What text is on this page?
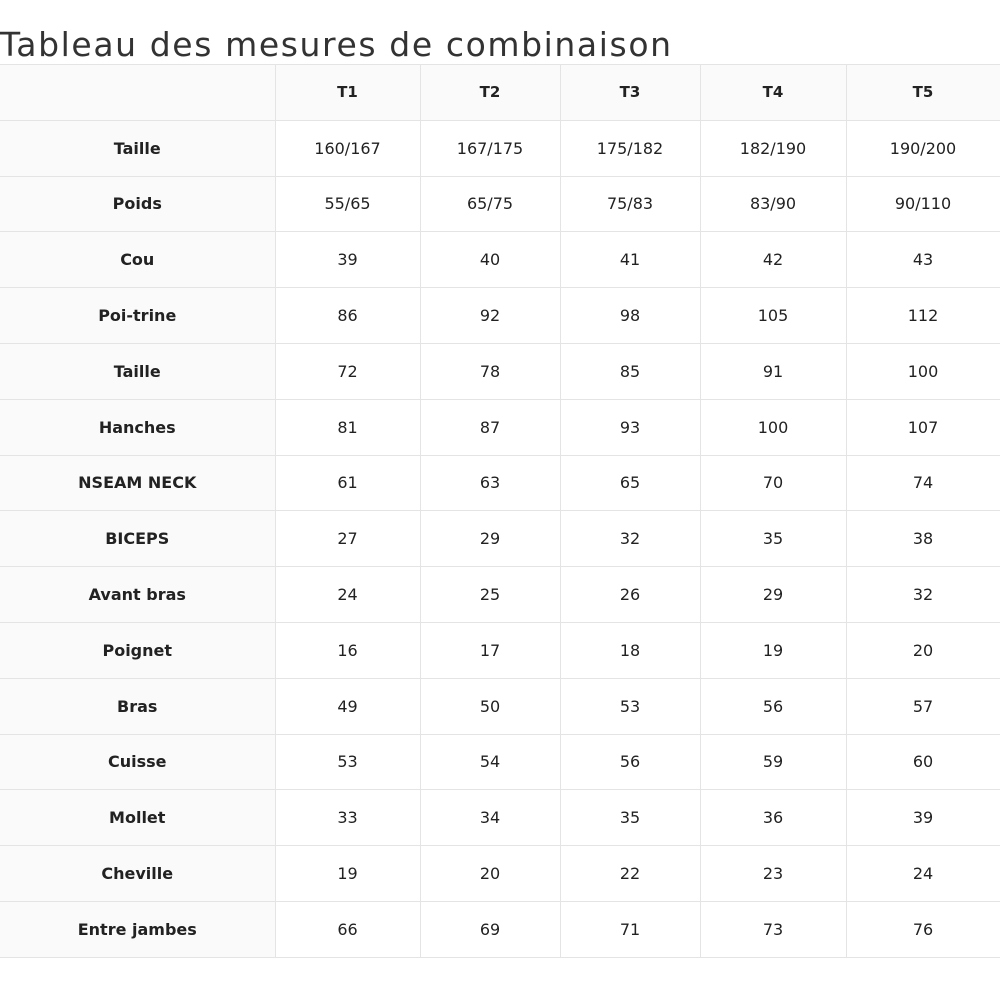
Tableau des mesures de combinaison
	T1	T2	T3	T4	T5
Taille	160/167	167/175	175/182	182/190	190/200
Poids	55/65	65/75	75/83	83/90	90/110
Cou	39	40	41	42	43
Poi-trine	86	92	98	105	112
Taille	72	78	85	91	100
Hanches	81	87	93	100	107
NSEAM NECK	61	63	65	70	74
BICEPS	27	29	32	35	38
Avant bras	24	25	26	29	32
Poignet	16	17	18	19	20
Bras	49	50	53	56	57
Cuisse	53	54	56	59	60
Mollet	33	34	35	36	39
Cheville	19	20	22	23	24
Entre jambes	66	69	71	73	76
